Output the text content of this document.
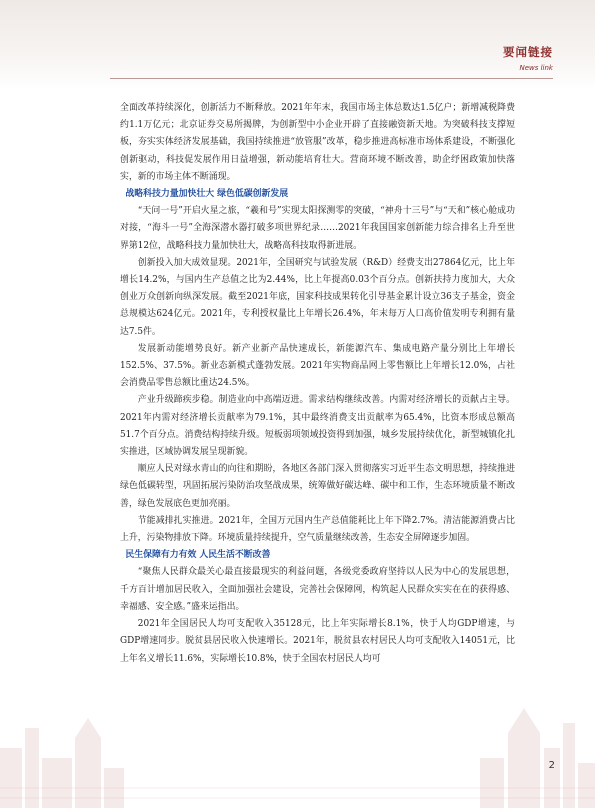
要闻链接
News link

全面改革持续深化，创新活力不断释放。2021年年末，我国市场主体总数达1.5亿户；新增减税降费约1.1万亿元；北京证券交易所揭牌，为创新型中小企业开辟了直接融资新天地。为突破科技支撑短板，夯实实体经济发展基础，我国持续推进“放管服”改革，稳步推进高标准市场体系建设，不断强化创新驱动，科技促发展作用日益增强，新动能培育壮大。营商环境不断改善，助企纾困政策加快落实，新的市场主体不断涌现。

战略科技力量加快壮大 绿色低碳创新发展

“天问一号”开启火星之旅，“羲和号”实现太阳探测零的突破，“神舟十三号”与“天和”核心舱成功对接，“海斗一号”全海深潜水器打破多项世界纪录……2021年我国国家创新能力综合排名上升至世界第12位，战略科技力量加快壮大，战略高科技取得新进展。

创新投入加大成效显现。2021年，全国研究与试验发展（R&D）经费支出27864亿元，比上年增长14.2%，与国内生产总值之比为2.44%，比上年提高0.03个百分点。创新扶持力度加大，大众创业万众创新向纵深发展。截至2021年底，国家科技成果转化引导基金累计设立36支子基金，资金总规模达624亿元。2021年，专利授权量比上年增长26.4%，年末每万人口高价值发明专利拥有量达7.5件。

发展新动能增势良好。新产业新产品快速成长，新能源汽车、集成电路产量分别比上年增长152.5%、37.5%。新业态新模式蓬勃发展。2021年实物商品网上零售额比上年增长12.0%，占社会消费品零售总额比重达24.5%。

产业升级蹄疾步稳。制造业向中高端迈进。需求结构继续改善。内需对经济增长的贡献占主导。2021年内需对经济增长贡献率为79.1%，其中最终消费支出贡献率为65.4%，比资本形成总额高51.7个百分点。消费结构持续升级。短板弱项领域投资得到加强，城乡发展持续优化，新型城镇化扎实推进，区域协调发展呈现新貌。

顺应人民对绿水青山的向往和期盼，各地区各部门深入贯彻落实习近平生态文明思想，持续推进绿色低碳转型，巩固拓展污染防治攻坚战成果，统筹做好碳达峰、碳中和工作，生态环境质量不断改善，绿色发展底色更加亮丽。

节能减排扎实推进。2021年，全国万元国内生产总值能耗比上年下降2.7%。清洁能源消费占比上升，污染物排放下降。环境质量持续提升，空气质量继续改善，生态安全屏障逐步加固。

民生保障有力有效 人民生活不断改善

“聚焦人民群众最关心最直接最现实的利益问题，各级党委政府坚持以人民为中心的发展思想，千方百计增加居民收入，全面加强社会建设，完善社会保障网，构筑起人民群众实实在在的获得感、幸福感、安全感。”盛来运指出。

2021年全国居民人均可支配收入35128元，比上年实际增长8.1%，快于人均GDP增速，与GDP增速同步。脱贫县居民收入快速增长。2021年，脱贫县农村居民人均可支配收入14051元，比上年名义增长11.6%，实际增长10.8%，快于全国农村居民人均可

2
